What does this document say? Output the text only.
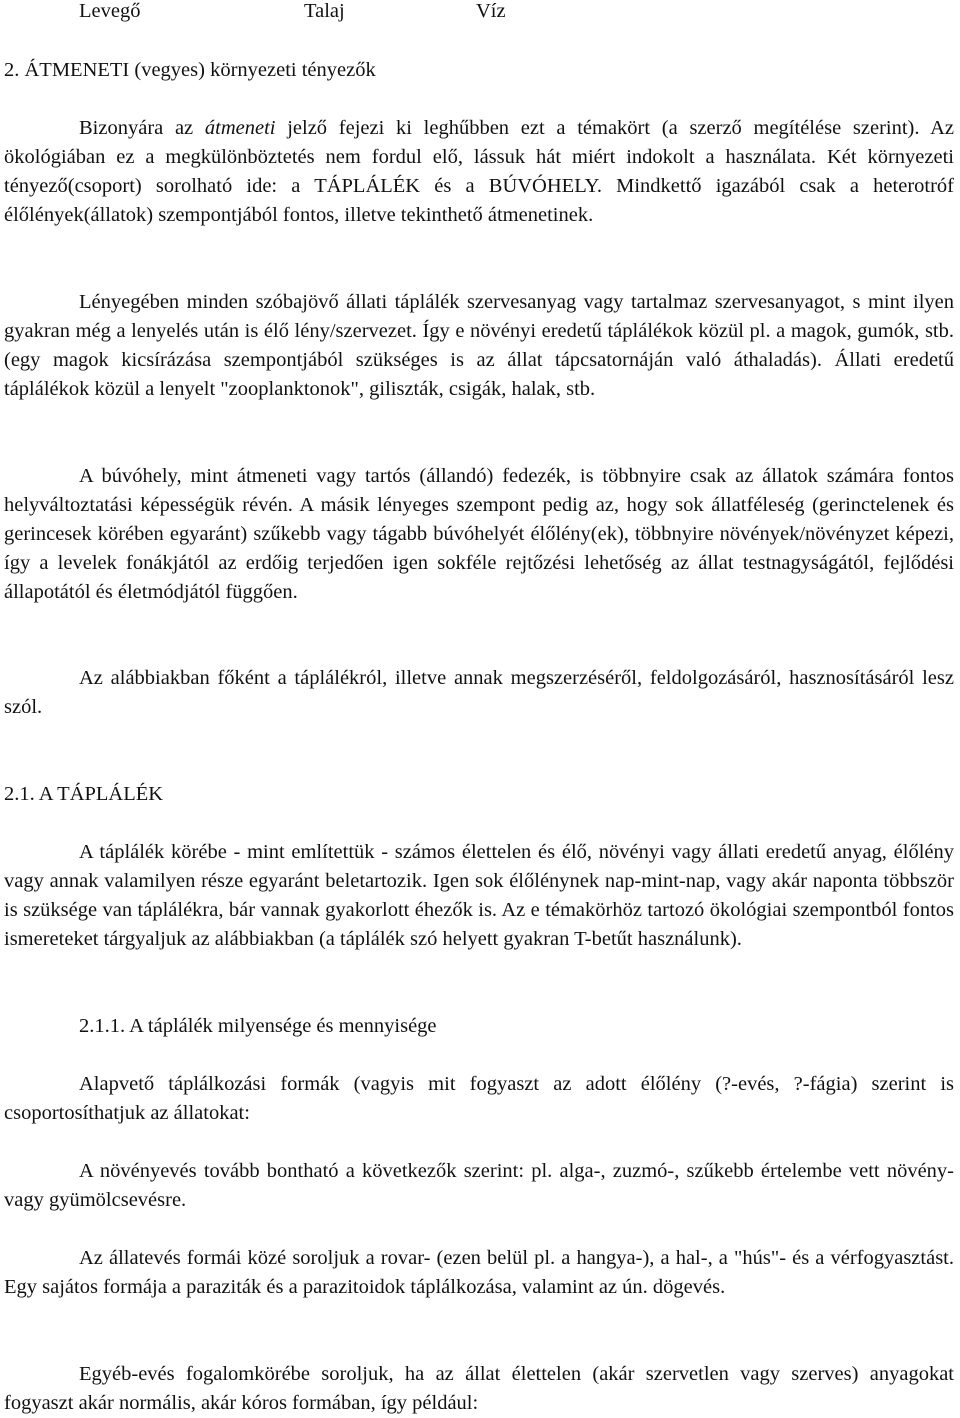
Levegő	Talaj	Víz
2. ÁTMENETI (vegyes) környezeti tényezők

Bizonyára az átmeneti jelző fejezi ki leghűbben ezt a témakört (a szerző megítélése szerint). Az ökológiában ez a megkülönböztetés nem fordul elő, lássuk hát miért indokolt a használata. Két környezeti tényező(csoport) sorolható ide: a TÁPLÁLÉK és a BÚVÓHELY. Mindkettő igazából csak a heterotróf élőlények(állatok) szempontjából fontos, illetve tekinthető átmenetinek.

Lényegében minden szóbajövő állati táplálék szervesanyag vagy tartalmaz szervesanyagot, s mint ilyen gyakran még a lenyelés után is élő lény/szervezet. Így e növényi eredetű táplálékok közül pl. a magok, gumók, stb. (egy magok kicsírázása szempontjából szükséges is az állat tápcsatornáján való áthaladás). Állati eredetű táplálékok közül a lenyelt "zooplanktonok", giliszták, csigák, halak, stb.

A búvóhely, mint átmeneti vagy tartós (állandó) fedezék, is többnyire csak az állatok számára fontos helyváltoztatási képességük révén. A másik lényeges szempont pedig az, hogy sok állatféleség (gerinctelenek és gerincesek körében egyaránt) szűkebb vagy tágabb búvóhelyét élőlény(ek), többnyire növények/növényzet képezi, így a levelek fonákjától az erdőig terjedően igen sokféle rejtőzési lehetőség az állat testnagyságától, fejlődési állapotától és életmódjától függően.

Az alábbiakban főként a táplálékról, illetve annak megszerzéséről, feldolgozásáról, hasznosításáról lesz szól.

2.1. A TÁPLÁLÉK

A táplálék körébe - mint említettük - számos élettelen és élő, növényi vagy állati eredetű anyag, élőlény vagy annak valamilyen része egyaránt beletartozik. Igen sok élőlénynek nap-mint-nap, vagy akár naponta többször is szüksége van táplálékra, bár vannak gyakorlott éhezők is. Az e témakörhöz tartozó ökológiai szempontból fontos ismereteket tárgyaljuk az alábbiakban (a táplálék szó helyett gyakran T-betűt használunk).

2.1.1. A táplálék milyensége és mennyisége

Alapvető táplálkozási formák (vagyis mit fogyaszt az adott élőlény (?-evés, ?-fágia) szerint is csoportosíthatjuk az állatokat:

A növényevés tovább bontható a következők szerint: pl. alga-, zuzmó-, szűkebb értelembe vett növény- vagy gyümölcsevésre.

Az állatevés formái közé soroljuk a rovar- (ezen belül pl. a hangya-), a hal-, a "hús"- és a vérfogyasztást. Egy sajátos formája a paraziták és a parazitoidok táplálkozása, valamint az ún. dögevés.

Egyéb-evés fogalomkörébe soroljuk, ha az állat élettelen (akár szervetlen vagy szerves) anyagokat fogyaszt akár normális, akár kóros formában, így például:
